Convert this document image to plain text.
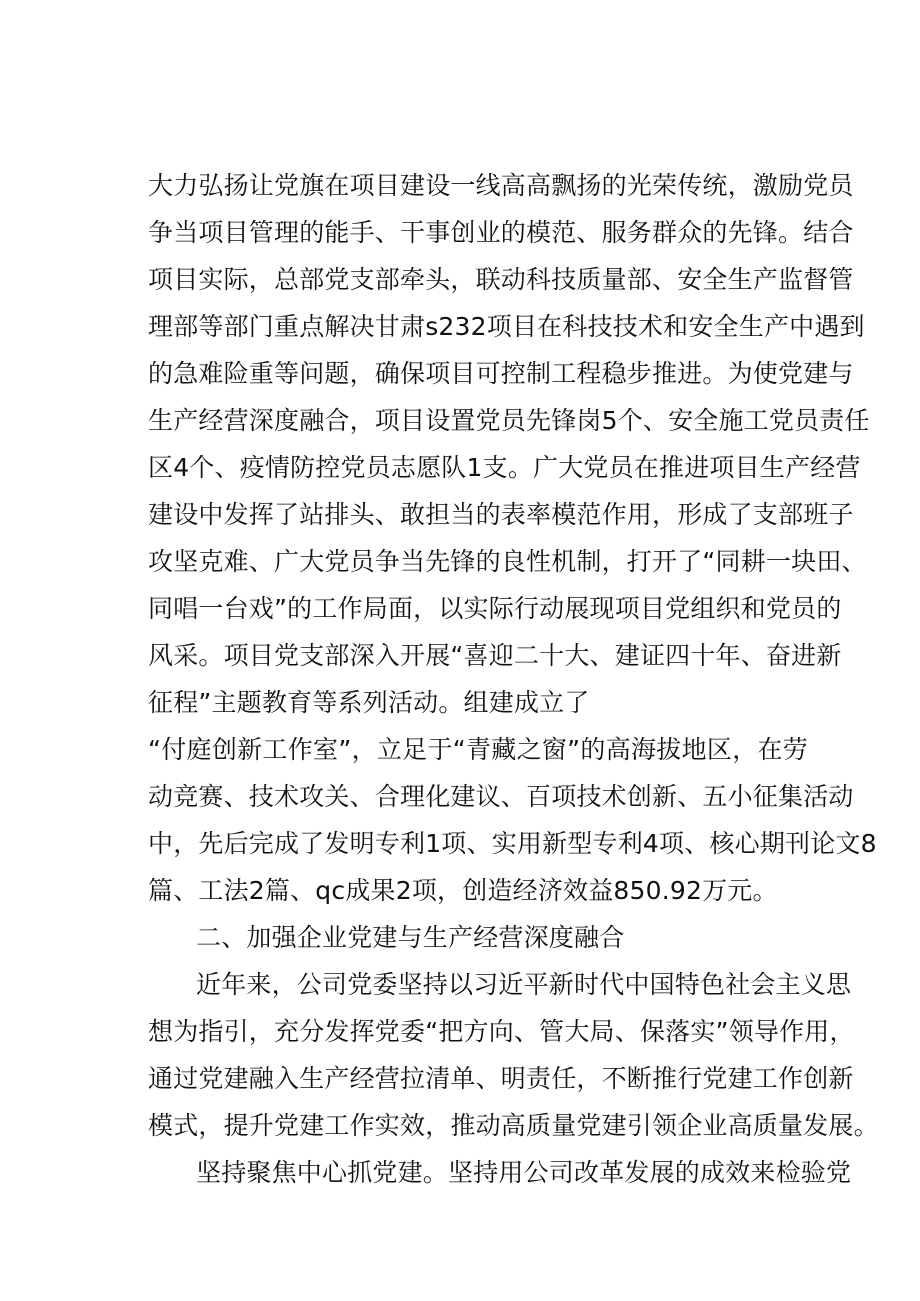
大力弘扬让党旗在项目建设一线高高飘扬的光荣传统，激励党员
争当项目管理的能手、干事创业的模范、服务群众的先锋。结合
项目实际，总部党支部牵头，联动科技质量部、安全生产监督管
理部等部门重点解决甘肃s232项目在科技技术和安全生产中遇到
的急难险重等问题，确保项目可控制工程稳步推进。为使党建与
生产经营深度融合，项目设置党员先锋岗5个、安全施工党员责任
区4个、疫情防控党员志愿队1支。广大党员在推进项目生产经营
建设中发挥了站排头、敢担当的表率模范作用，形成了支部班子
攻坚克难、广大党员争当先锋的良性机制，打开了“同耕一块田、
同唱一台戏”的工作局面，以实际行动展现项目党组织和党员的
风采。项目党支部深入开展“喜迎二十大、建证四十年、奋进新
征程”主题教育等系列活动。组建成立了
“付庭创新工作室”，立足于“青藏之窗”的高海拔地区，在劳
动竞赛、技术攻关、合理化建议、百项技术创新、五小征集活动
中，先后完成了发明专利1项、实用新型专利4项、核心期刊论文8
篇、工法2篇、qc成果2项，创造经济效益850.92万元。
二、加强企业党建与生产经营深度融合
近年来，公司党委坚持以习近平新时代中国特色社会主义思
想为指引，充分发挥党委“把方向、管大局、保落实”领导作用，
通过党建融入生产经营拉清单、明责任，不断推行党建工作创新
模式，提升党建工作实效，推动高质量党建引领企业高质量发展。
坚持聚焦中心抓党建。坚持用公司改革发展的成效来检验党
